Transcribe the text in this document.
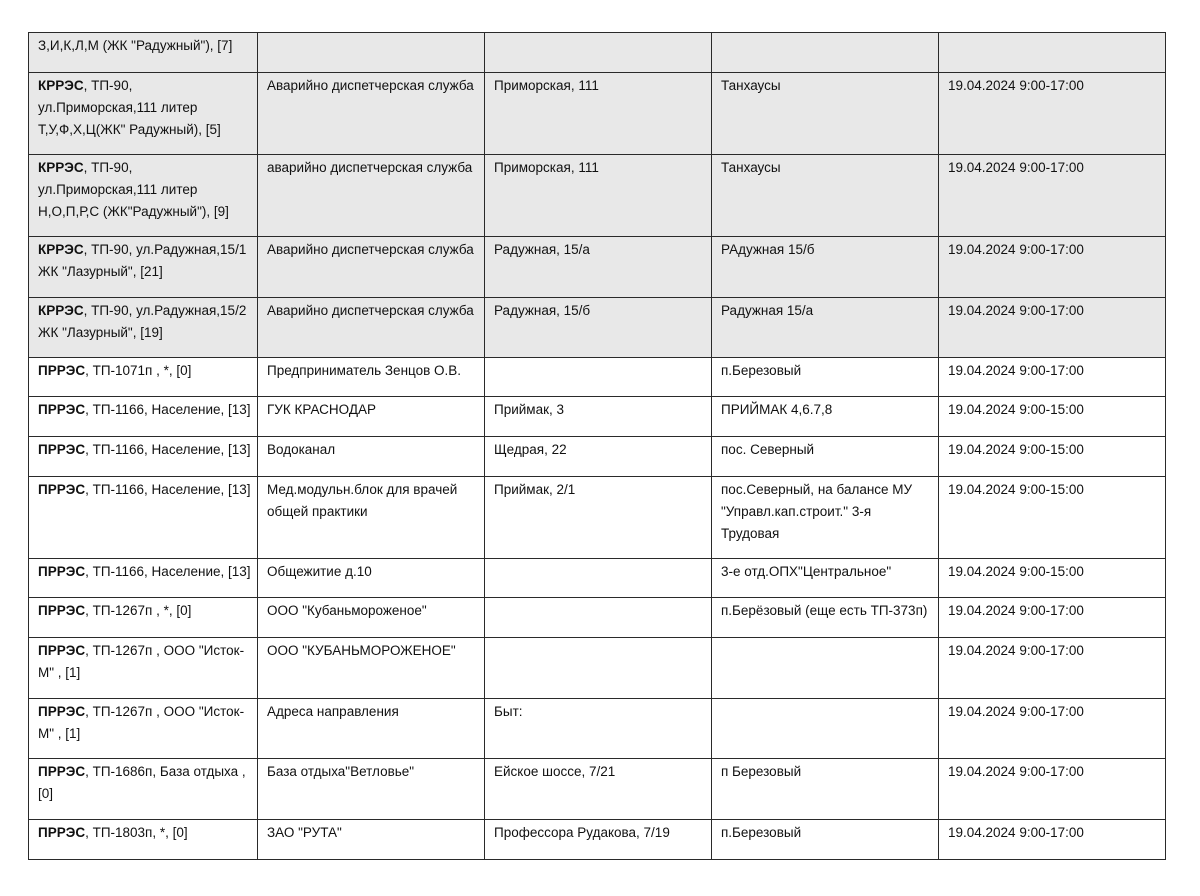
З,И,К,Л,М (ЖК "Радужный"), [7]				
КРРЭС, ТП-90, ул.Приморская,111 литер Т,У,Ф,Х,Ц(ЖК" Радужный), [5]	Аварийно диспетчерская служба	Приморская, 111	Танхаусы	19.04.2024 9:00-17:00
КРРЭС, ТП-90, ул.Приморская,111 литер Н,О,П,Р,С (ЖК"Радужный"), [9]	аварийно диспетчерская служба	Приморская, 111	Танхаусы	19.04.2024 9:00-17:00
КРРЭС, ТП-90, ул.Радужная,15/1 ЖК "Лазурный", [21]	Аварийно диспетчерская служба	Радужная, 15/а	РАдужная 15/б	19.04.2024 9:00-17:00
КРРЭС, ТП-90, ул.Радужная,15/2 ЖК "Лазурный", [19]	Аварийно диспетчерская служба	Радужная, 15/б	Радужная 15/а	19.04.2024 9:00-17:00
ПРРЭС, ТП-1071п , *, [0]	Предприниматель Зенцов О.В.		п.Березовый	19.04.2024 9:00-17:00
ПРРЭС, ТП-1166, Население, [13]	ГУК КРАСНОДАР	Приймак, 3	ПРИЙМАК 4,6.7,8	19.04.2024 9:00-15:00
ПРРЭС, ТП-1166, Население, [13]	Водоканал	Щедрая, 22	пос. Северный	19.04.2024 9:00-15:00
ПРРЭС, ТП-1166, Население, [13]	Мед.модульн.блок для врачей общей практики	Приймак, 2/1	пос.Северный, на балансе МУ "Управл.кап.строит." 3-я Трудовая	19.04.2024 9:00-15:00
ПРРЭС, ТП-1166, Население, [13]	Общежитие д.10		3-е отд.ОПХ"Центральное"	19.04.2024 9:00-15:00
ПРРЭС, ТП-1267п , *, [0]	ООО "Кубаньмороженое"		п.Берёзовый (еще есть ТП-373п)	19.04.2024 9:00-17:00
ПРРЭС, ТП-1267п , ООО "Исток-М" , [1]	ООО "КУБАНЬМОРОЖЕНОЕ"			19.04.2024 9:00-17:00
ПРРЭС, ТП-1267п , ООО "Исток-М" , [1]	Адреса направления	Быт:		19.04.2024 9:00-17:00
ПРРЭС, ТП-1686п, База отдыха , [0]	База отдыха"Ветловье"	Ейское шоссе, 7/21	п Березовый	19.04.2024 9:00-17:00
ПРРЭС, ТП-1803п, *, [0]	ЗАО "РУТА"	Профессора Рудакова, 7/19	п.Березовый	19.04.2024 9:00-17:00
